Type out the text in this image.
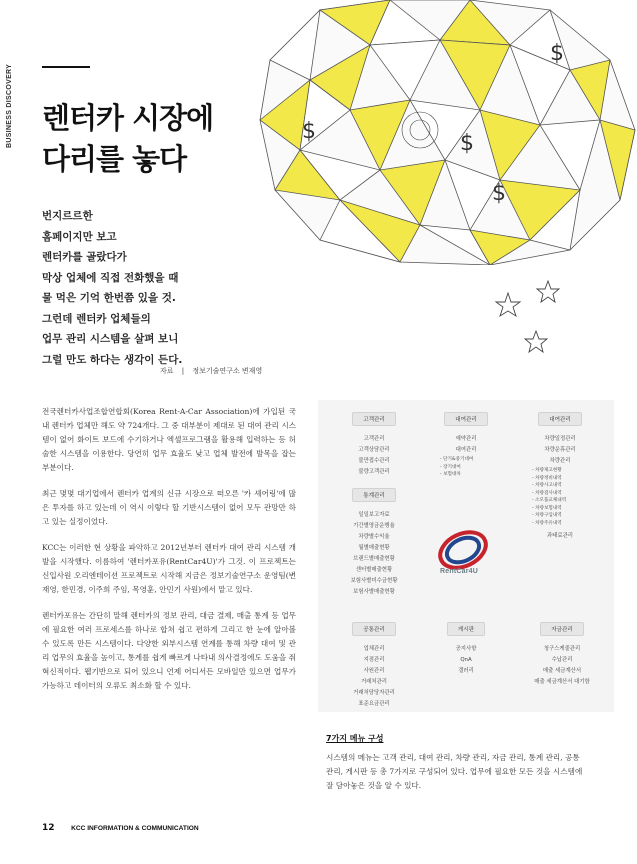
BUSINESS DISCOVERY 렌터카 시장에
다리를 놓다
$	$
$
$
번지르르한
홈페이지만 보고
렌터카를 골랐다가
막상 업체에 직접 전화했을 때
물 먹은 기억 한번쯤 있을 것.
그런데 렌터카 업체들의
업무 관리 시스템을 살펴 보니
그럴 만도 하다는 생각이 든다.
자료 | 정보기술연구소 변재영

전국렌터카사업조합연합회(Korea Rent-A-Car Association)에 가입된 국내 렌터카 업체만 해도 약 724개다. 그 중 대부분이 제대로 된 대여 관리 시스템이 없어 화이트 보드에 수기하거나 엑셀프로그램을 활용해 입력하는 등 허술한 시스템을 이용한다. 당연히 업무 효율도 낮고 업체 발전에 발목을 잡는 부분이다.

최근 몇몇 대기업에서 렌터카 업계의 신규 시장으로 떠오른 '카 셰어링'에 많은 투자를 하고 있는데 이 역시 이렇다 할 기반시스템이 없어 모두 관망만 하고 있는 실정이었다.

KCC는 이러한 현 상황을 파악하고 2012년부터 렌터카 대여 관리 시스템 개발을 시작했다. 이름하여 '렌터카포유(RentCar4U)'가 그것. 이 프로젝트는 신입사원 오리엔테이션 프로젝트로 시작해 지금은 정보기술연구소 운영팀(변재영, 한민경, 이주희 주임, 목영훈, 안민기 사원)에서 맡고 있다.

렌터카포유는 간단히 말해 렌터카의 정보 관리, 대금 결제, 매출 통계 등 업무에 필요한 여러 프로세스를 하나로 합쳐 쉽고 편하게 그리고 한 눈에 알아볼 수 있도록 만든 시스템이다. 다양한 외부시스템 연계를 통해 차량 대여 및 관리 업무의 효율을 높이고, 통계를 쉽게 빠르게 나타내 의사결정에도 도움을 줘 혁신적이다. 웹기반으로 되어 있으니 언제 어디서든 모바일만 있으면 업무가 가능하고 데이터의 오류도 최소화 할 수 있다.

고객관리
고객관리
고객상담관리
불만접수관리
불량고객관리
대여관리
예약관리
대여관리
- 단기&중기대여
- 장기대여
- 보험대차
대여관리
차량일정관리
차량운휴관리
차량관리
- 차량제고현황
- 차량정비내역
- 차량사고내역
- 차량점사내역
- 소모품교체내역
- 차량보험내역
- 차량구입내역
- 차량주유내역
과태료관리
통계관리
일일보고자료
기간별영금운행율
차량별수익율
월별매출현황
브랜드별매출현황
센터별매출현황
보험사별미수금현황
보험사별매출현황
RentCar4U
공통관리
업체관리
지점관리
사원관리
거래처관리
거래처담당자관리
표준요금관리
게시판
공지사항
QnA
갤러리
자금관리
청구스케줄관리
수납관리
매출 세금계산서
매출 세금계산서 대기함
7가지 메뉴 구성
시스템의 메뉴는 고객 관리, 대여 관리, 차량 관리, 자금 관리, 통계 관리, 공통 관리, 게시판 등 총 7가지로 구성되어 있다. 업무에 필요한 모든 것을 시스템에 잘 담아놓은 것을 알 수 있다.
12	KCC INFORMATION & COMMUNICATION
